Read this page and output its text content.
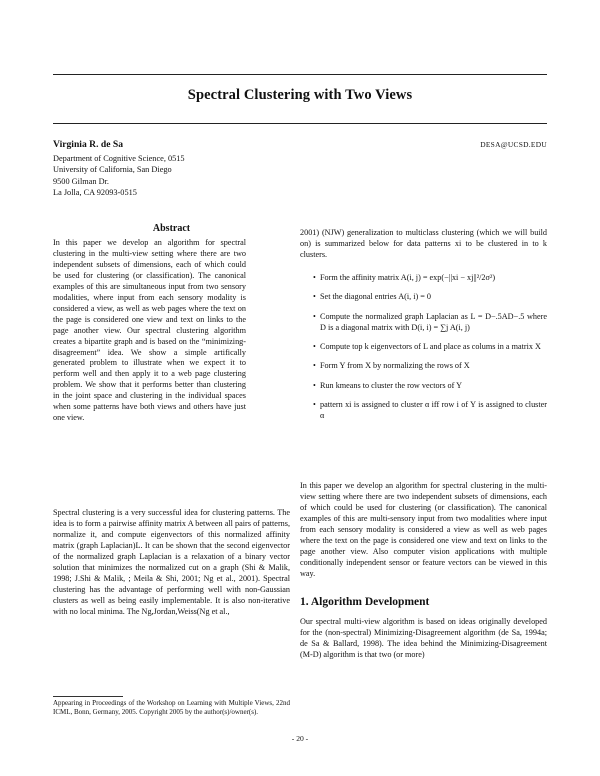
Spectral Clustering with Two Views
Virginia R. de Sa	DESA@UCSD.EDU
Department of Cognitive Science, 0515
University of California, San Diego
9500 Gilman Dr.
La Jolla, CA 92093-0515
Abstract

In this paper we develop an algorithm for spectral clustering in the multi-view setting where there are two independent subsets of dimensions, each of which could be used for clustering (or classification). The canonical examples of this are simultaneous input from two sensory modalities, where input from each sensory modality is considered a view, as well as web pages where the text on the page is considered one view and text on links to the page another view. Our spectral clustering algorithm creates a bipartite graph and is based on the “minimizing-disagreement” idea. We show a simple artifically generated problem to illustrate when we expect it to perform well and then apply it to a web page clustering problem. We show that it performs better than clustering in the joint space and clustering in the individual spaces when some patterns have both views and others have just one view.

Spectral clustering is a very successful idea for clustering patterns. The idea is to form a pairwise affinity matrix A between all pairs of patterns, normalize it, and compute eigenvectors of this normalized affinity matrix (graph Laplacian)L. It can be shown that the second eigenvector of the normalized graph Laplacian is a relaxation of a binary vector solution that minimizes the normalized cut on a graph (Shi & Malik, 1998; J.Shi & Malik, ; Meila & Shi, 2001; Ng et al., 2001). Spectral clustering has the advantage of performing well with non-Gaussian clusters as well as being easily implementable. It is also non-iterative with no local minima. The Ng,Jordan,Weiss(Ng et al.,

Appearing in Proceedings of the Workshop on Learning with Multiple Views, 22nd ICML, Bonn, Germany, 2005. Copyright 2005 by the author(s)/owner(s).

2001) (NJW) generalization to multiclass clustering (which we will build on) is summarized below for data patterns xi to be clustered in to k clusters.

• Form the affinity matrix A(i, j) = exp(−||xi − xj||²/2σ²)
• Set the diagonal entries A(i, i) = 0
• Compute the normalized graph Laplacian as L = D−.5AD−.5 where D is a diagonal matrix with D(i, i) = ∑j A(i, j)
• Compute top k eigenvectors of L and place as colums in a matrix X
• Form Y from X by normalizing the rows of X
• Run kmeans to cluster the row vectors of Y
• pattern xi is assigned to cluster α iff row i of Y is assigned to cluster α

In this paper we develop an algorithm for spectral clustering in the multi-view setting where there are two independent subsets of dimensions, each of which could be used for clustering (or classification). The canonical examples of this are multi-sensory input from two modalities where input from each sensory modality is considered a view as well as web pages where the text on the page is considered one view and text on links to the page another view. Also computer vision applications with multiple conditionally independent sensor or feature vectors can be viewed in this way.

1. Algorithm Development

Our spectral multi-view algorithm is based on ideas originally developed for the (non-spectral) Minimizing-Disagreement algorithm (de Sa, 1994a; de Sa & Ballard, 1998). The idea behind the Minimizing-Disagreement (M-D) algorithm is that two (or more)

- 20 -
